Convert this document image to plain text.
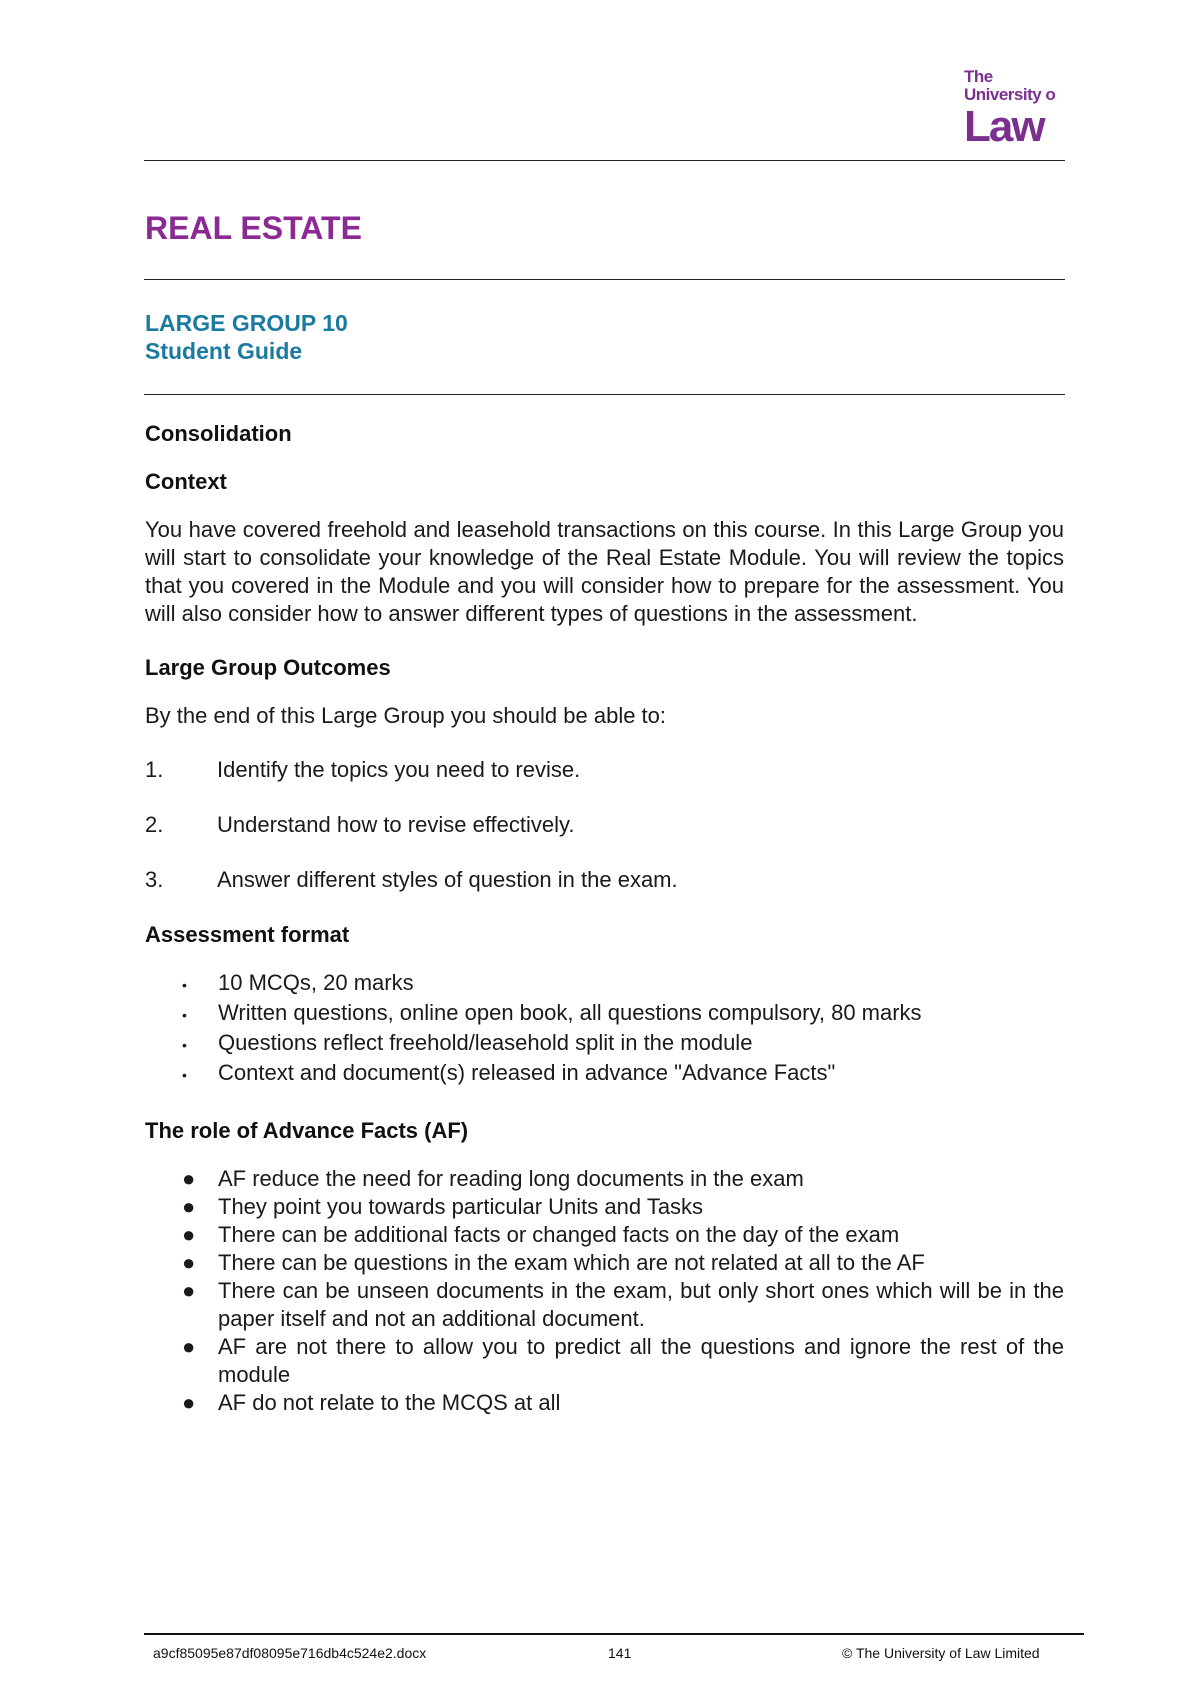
The
University o
Law
REAL ESTATE
LARGE GROUP 10
Student Guide
Consolidation
Context

You have covered freehold and leasehold transactions on this course. In this Large Group you will start to consolidate your knowledge of the Real Estate Module. You will review the topics that you covered in the Module and you will consider how to prepare for the assessment. You will also consider how to answer different types of questions in the assessment.

Large Group Outcomes

By the end of this Large Group you should be able to:

1.	Identify the topics you need to revise.
2.	Understand how to revise effectively.
3.	Answer different styles of question in the exam.
Assessment format
•	10 MCQs, 20 marks
•	Written questions, online open book, all questions compulsory, 80 marks
•	Questions reflect freehold/leasehold split in the module
•	Context and document(s) released in advance "Advance Facts"
The role of Advance Facts (AF)
●	AF reduce the need for reading long documents in the exam
●	They point you towards particular Units and Tasks
●	There can be additional facts or changed facts on the day of the exam
●	There can be questions in the exam which are not related at all to the AF
●	There can be unseen documents in the exam, but only short ones which will be in the paper itself and not an additional document.
●	AF are not there to allow you to predict all the questions and ignore the rest of the module
●	AF do not relate to the MCQS at all
a9cf85095e87df08095e716db4c524e2.docx	141	© The University of Law Limited
